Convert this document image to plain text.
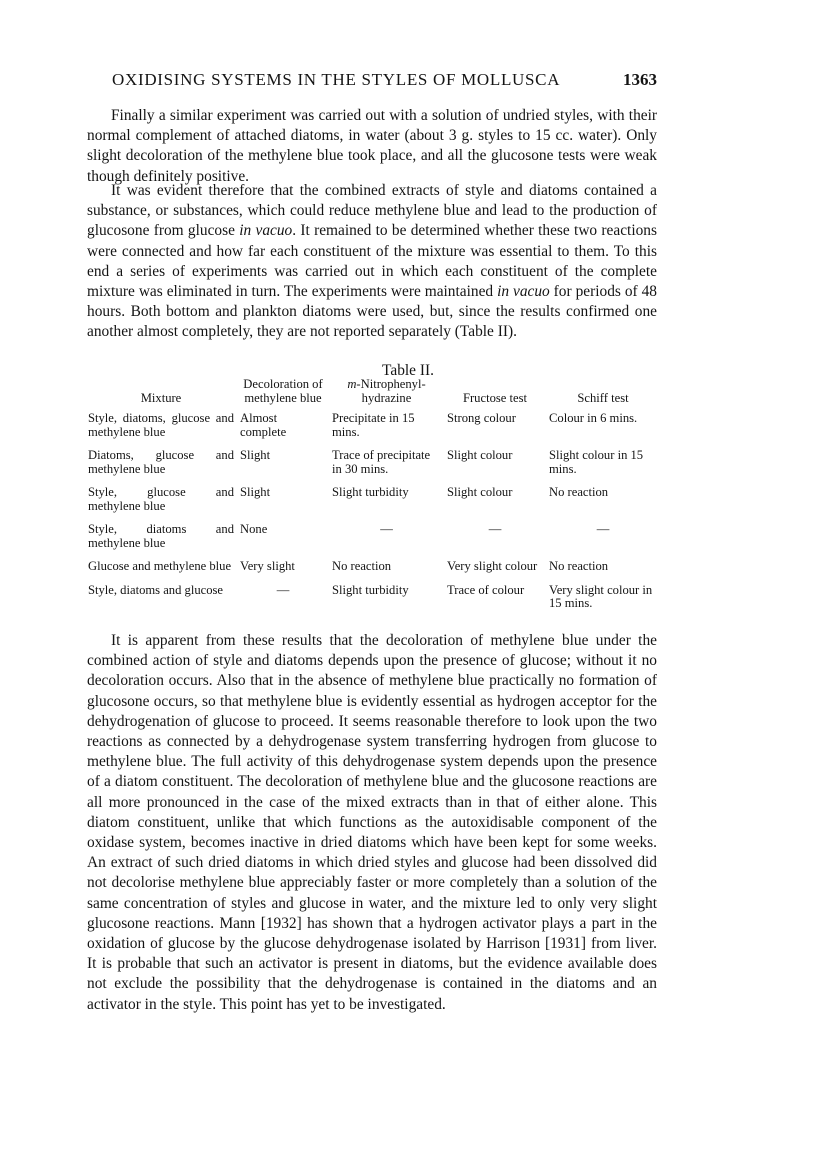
OXIDISING SYSTEMS IN THE STYLES OF MOLLUSCA	1363

Finally a similar experiment was carried out with a solution of undried styles, with their normal complement of attached diatoms, in water (about 3 g. styles to 15 cc. water). Only slight decoloration of the methylene blue took place, and all the glucosone tests were weak though definitely positive.

It was evident therefore that the combined extracts of style and diatoms contained a substance, or substances, which could reduce methylene blue and lead to the production of glucosone from glucose in vacuo. It remained to be determined whether these two reactions were connected and how far each constituent of the mixture was essential to them. To this end a series of experiments was carried out in which each constituent of the complete mixture was eliminated in turn. The experiments were maintained in vacuo for periods of 48 hours. Both bottom and plankton diatoms were used, but, since the results confirmed one another almost completely, they are not reported separately (Table II).

Table II.
Mixture	Decoloration of methylene blue	m-Nitrophenyl-hydrazine	Fructose test	Schiff test
Style, diatoms, glucose and methylene blue	Almost complete	Precipitate in 15 mins.	Strong colour	Colour in 6 mins.
Diatoms, glucose and methylene blue	Slight	Trace of precipitate in 30 mins.	Slight colour	Slight colour in 15 mins.
Style, glucose and methylene blue	Slight	Slight turbidity	Slight colour	No reaction
Style, diatoms and methylene blue	None	—	—	—

Glucose and methylene blue	Very slight	No reaction	Very slight colour	No reaction
Style, diatoms and glucose	—	Slight turbidity	Trace of colour	Very slight colour in 15 mins.

It is apparent from these results that the decoloration of methylene blue under the combined action of style and diatoms depends upon the presence of glucose; without it no decoloration occurs. Also that in the absence of methylene blue practically no formation of glucosone occurs, so that methylene blue is evidently essential as hydrogen acceptor for the dehydrogenation of glucose to proceed. It seems reasonable therefore to look upon the two reactions as connected by a dehydrogenase system transferring hydrogen from glucose to methylene blue. The full activity of this dehydrogenase system depends upon the presence of a diatom constituent. The decoloration of methylene blue and the glucosone reactions are all more pronounced in the case of the mixed extracts than in that of either alone. This diatom constituent, unlike that which functions as the autoxidisable component of the oxidase system, becomes inactive in dried diatoms which have been kept for some weeks. An extract of such dried diatoms in which dried styles and glucose had been dissolved did not decolorise methylene blue appreciably faster or more completely than a solution of the same concentration of styles and glucose in water, and the mixture led to only very slight glucosone reactions. Mann [1932] has shown that a hydrogen activator plays a part in the oxidation of glucose by the glucose dehydrogenase isolated by Harrison [1931] from liver. It is probable that such an activator is present in diatoms, but the evidence available does not exclude the possibility that the dehydrogenase is contained in the diatoms and an activator in the style. This point has yet to be investigated.
